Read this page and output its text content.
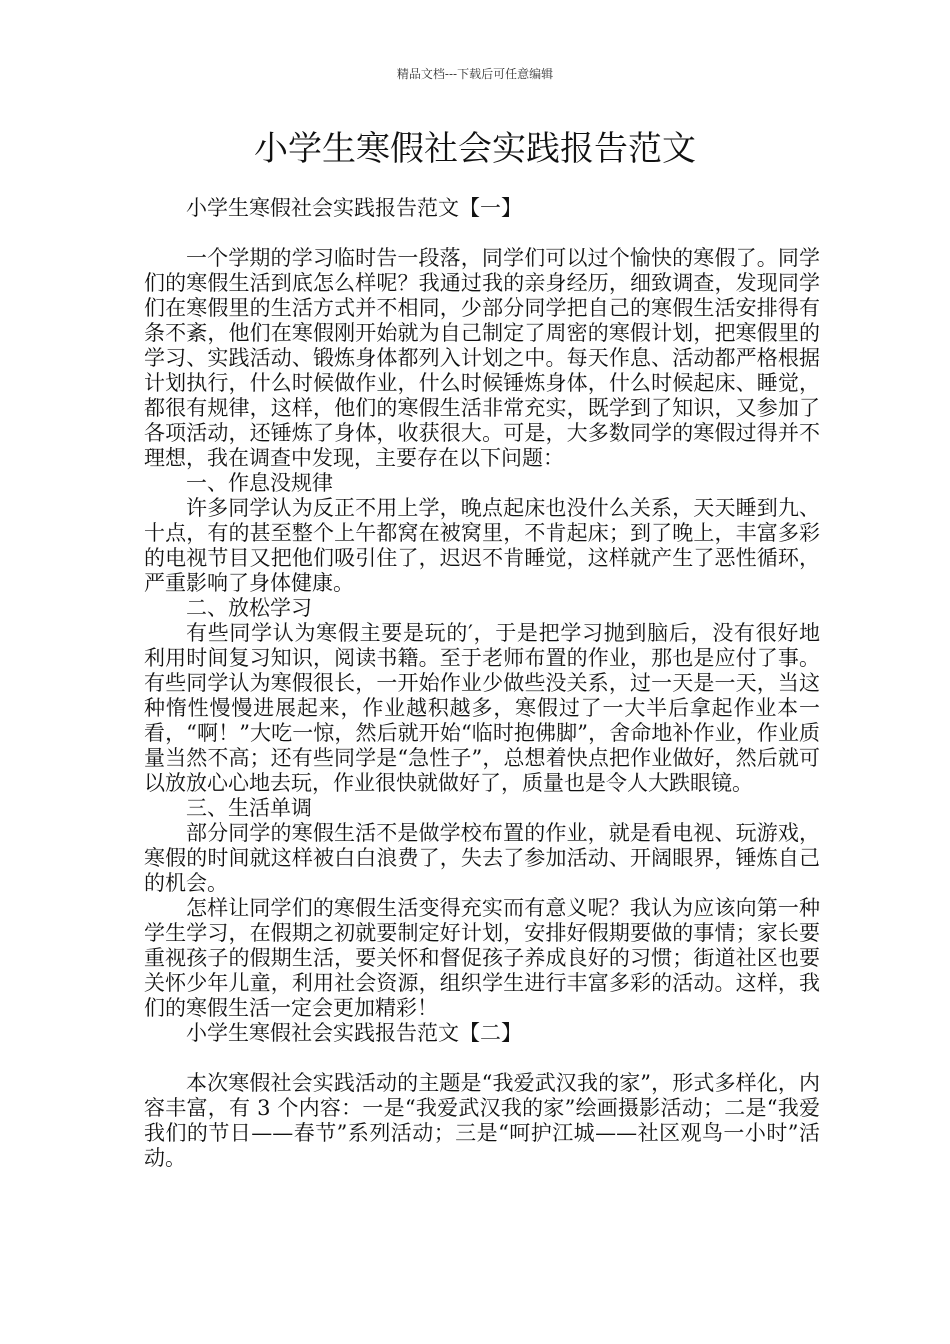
精品文档---下载后可任意编辑
小学生寒假社会实践报告范文
小学生寒假社会实践报告范文【一】

一个学期的学习临时告一段落，同学们可以过个愉快的寒假了。同学们的寒假生活到底怎么样呢？我通过我的亲身经历，细致调查，发现同学们在寒假里的生活方式并不相同，少部分同学把自己的寒假生活安排得有条不紊，他们在寒假刚开始就为自己制定了周密的寒假计划，把寒假里的学习、实践活动、锻炼身体都列入计划之中。每天作息、活动都严格根据计划执行，什么时候做作业，什么时候锤炼身体，什么时候起床、睡觉，都很有规律，这样，他们的寒假生活非常充实，既学到了知识，又参加了各项活动，还锤炼了身体，收获很大。可是，大多数同学的寒假过得并不理想，我在调查中发现，主要存在以下问题：

一、作息没规律

许多同学认为反正不用上学，晚点起床也没什么关系，天天睡到九、十点，有的甚至整个上午都窝在被窝里，不肯起床；到了晚上，丰富多彩的电视节目又把他们吸引住了，迟迟不肯睡觉，这样就产生了恶性循环，严重影响了身体健康。

二、放松学习

有些同学认为寒假主要是玩的′，于是把学习抛到脑后，没有很好地利用时间复习知识，阅读书籍。至于老师布置的作业，那也是应付了事。有些同学认为寒假很长，一开始作业少做些没关系，过一天是一天，当这种惰性慢慢进展起来，作业越积越多，寒假过了一大半后拿起作业本一看，“啊！”大吃一惊，然后就开始“临时抱佛脚”，舍命地补作业，作业质量当然不高；还有些同学是“急性子”，总想着快点把作业做好，然后就可以放放心心地去玩，作业很快就做好了，质量也是令人大跌眼镜。

三、生活单调

部分同学的寒假生活不是做学校布置的作业，就是看电视、玩游戏，寒假的时间就这样被白白浪费了，失去了参加活动、开阔眼界，锤炼自己的机会。

怎样让同学们的寒假生活变得充实而有意义呢？我认为应该向第一种学生学习，在假期之初就要制定好计划，安排好假期要做的事情；家长要重视孩子的假期生活，要关怀和督促孩子养成良好的习惯；街道社区也要关怀少年儿童，利用社会资源，组织学生进行丰富多彩的活动。这样，我们的寒假生活一定会更加精彩！

小学生寒假社会实践报告范文【二】

本次寒假社会实践活动的主题是“我爱武汉我的家”，形式多样化，内容丰富，有 3 个内容：一是“我爱武汉我的家”绘画摄影活动；二是“我爱我们的节日——春节”系列活动；三是“呵护江城——社区观鸟一小时”活动。
